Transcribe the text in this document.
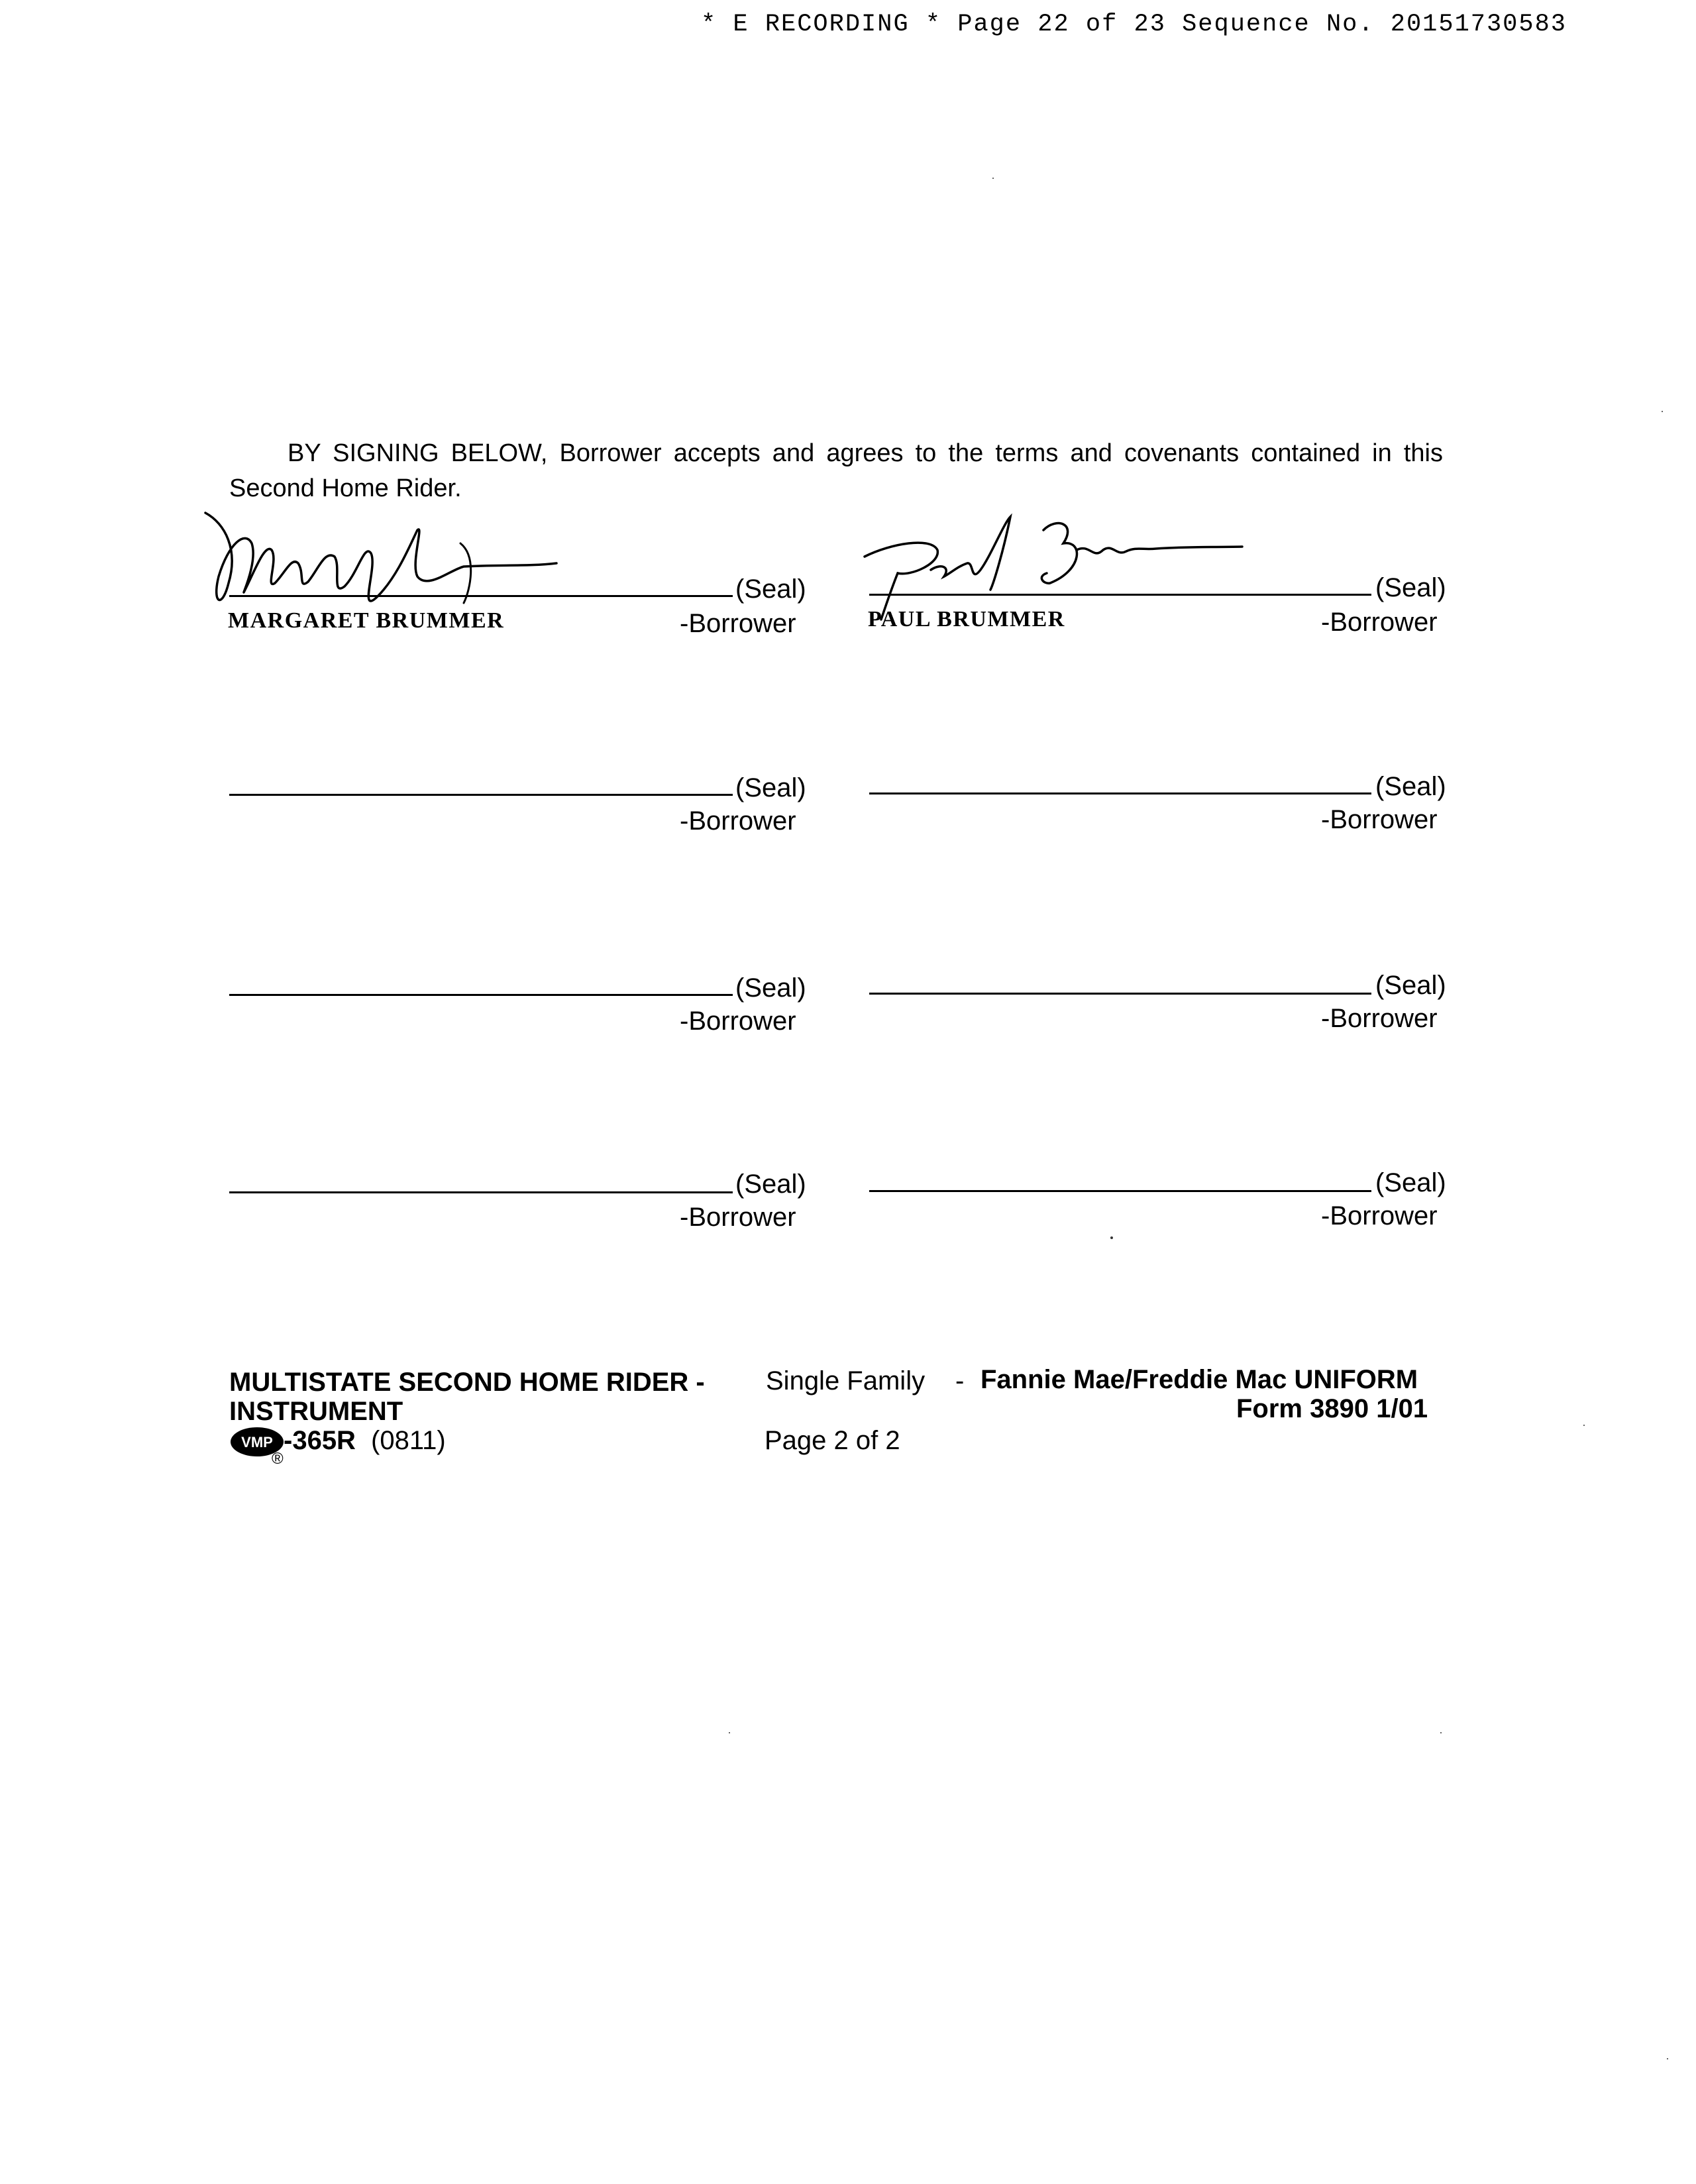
* E RECORDING * Page 22 of 23 Sequence No. 20151730583
BY SIGNING BELOW, Borrower accepts and agrees to the terms and covenants contained in this Second Home Rider.
(Seal)
MARGARET BRUMMER	-Borrower
(Seal)
PAUL BRUMMER	-Borrower
(Seal)
-Borrower
(Seal)
-Borrower
(Seal)
-Borrower
(Seal)
-Borrower
(Seal)
-Borrower
(Seal)
-Borrower
MULTISTATE SECOND HOME RIDER - Single Family - Fannie Mae/Freddie Mac UNIFORM
INSTRUMENT	Form 3890 1/01
VMP
®
-365R (0811)	Page 2 of 2
